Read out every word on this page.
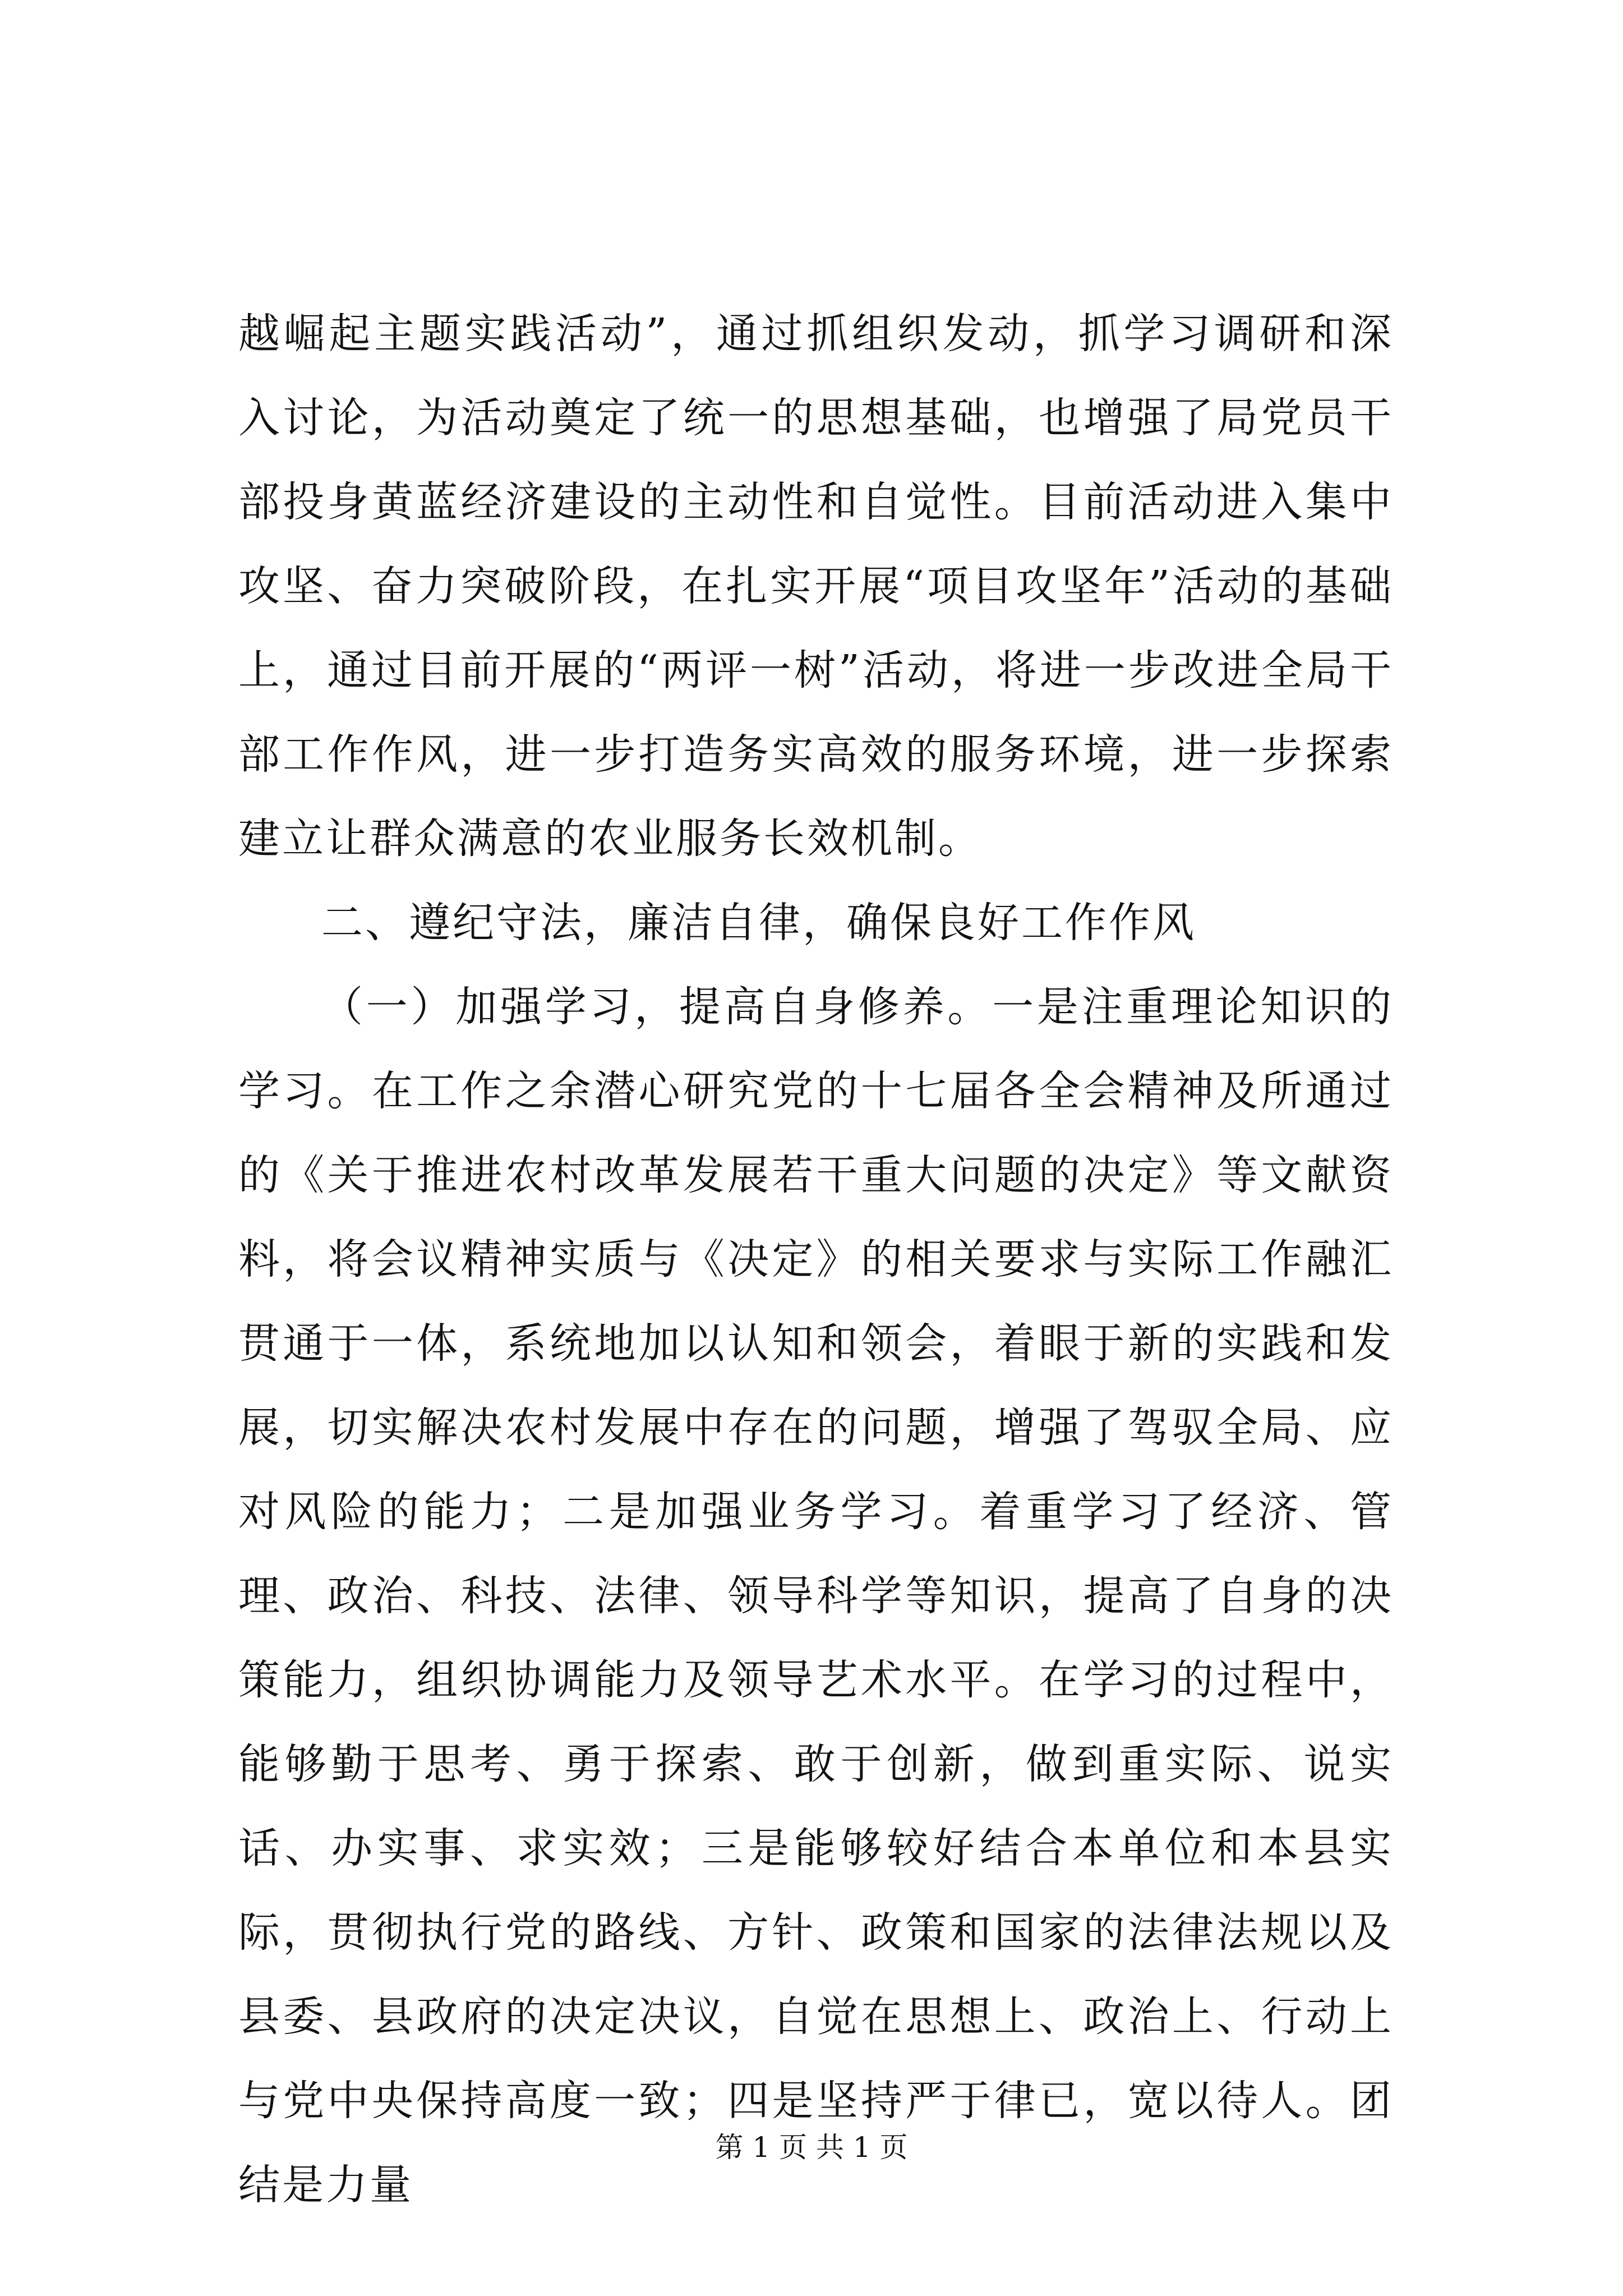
越崛起主题实践活动”，通过抓组织发动，抓学习调研和深入讨论，为活动奠定了统一的思想基础，也增强了局党员干部投身黄蓝经济建设的主动性和自觉性。目前活动进入集中攻坚、奋力突破阶段，在扎实开展“项目攻坚年”活动的基础上，通过目前开展的“两评一树”活动，将进一步改进全局干部工作作风，进一步打造务实高效的服务环境，进一步探索建立让群众满意的农业服务长效机制。

二、遵纪守法，廉洁自律，确保良好工作作风

（一）加强学习，提高自身修养。一是注重理论知识的学习。在工作之余潜心研究党的十七届各全会精神及所通过的《关于推进农村改革发展若干重大问题的决定》等文献资料，将会议精神实质与《决定》的相关要求与实际工作融汇贯通于一体，系统地加以认知和领会，着眼于新的实践和发展，切实解决农村发展中存在的问题，增强了驾驭全局、应对风险的能力；二是加强业务学习。着重学习了经济、管理、政治、科技、法律、领导科学等知识，提高了自身的决策能力，组织协调能力及领导艺术水平。在学习的过程中，能够勤于思考、勇于探索、敢于创新，做到重实际、说实话、办实事、求实效；三是能够较好结合本单位和本县实际，贯彻执行党的路线、方针、政策和国家的法律法规以及县委、县政府的决定决议，自觉在思想上、政治上、行动上与党中央保持高度一致；四是坚持严于律已，宽以待人。团结是力量

第 1 页 共 1 页
